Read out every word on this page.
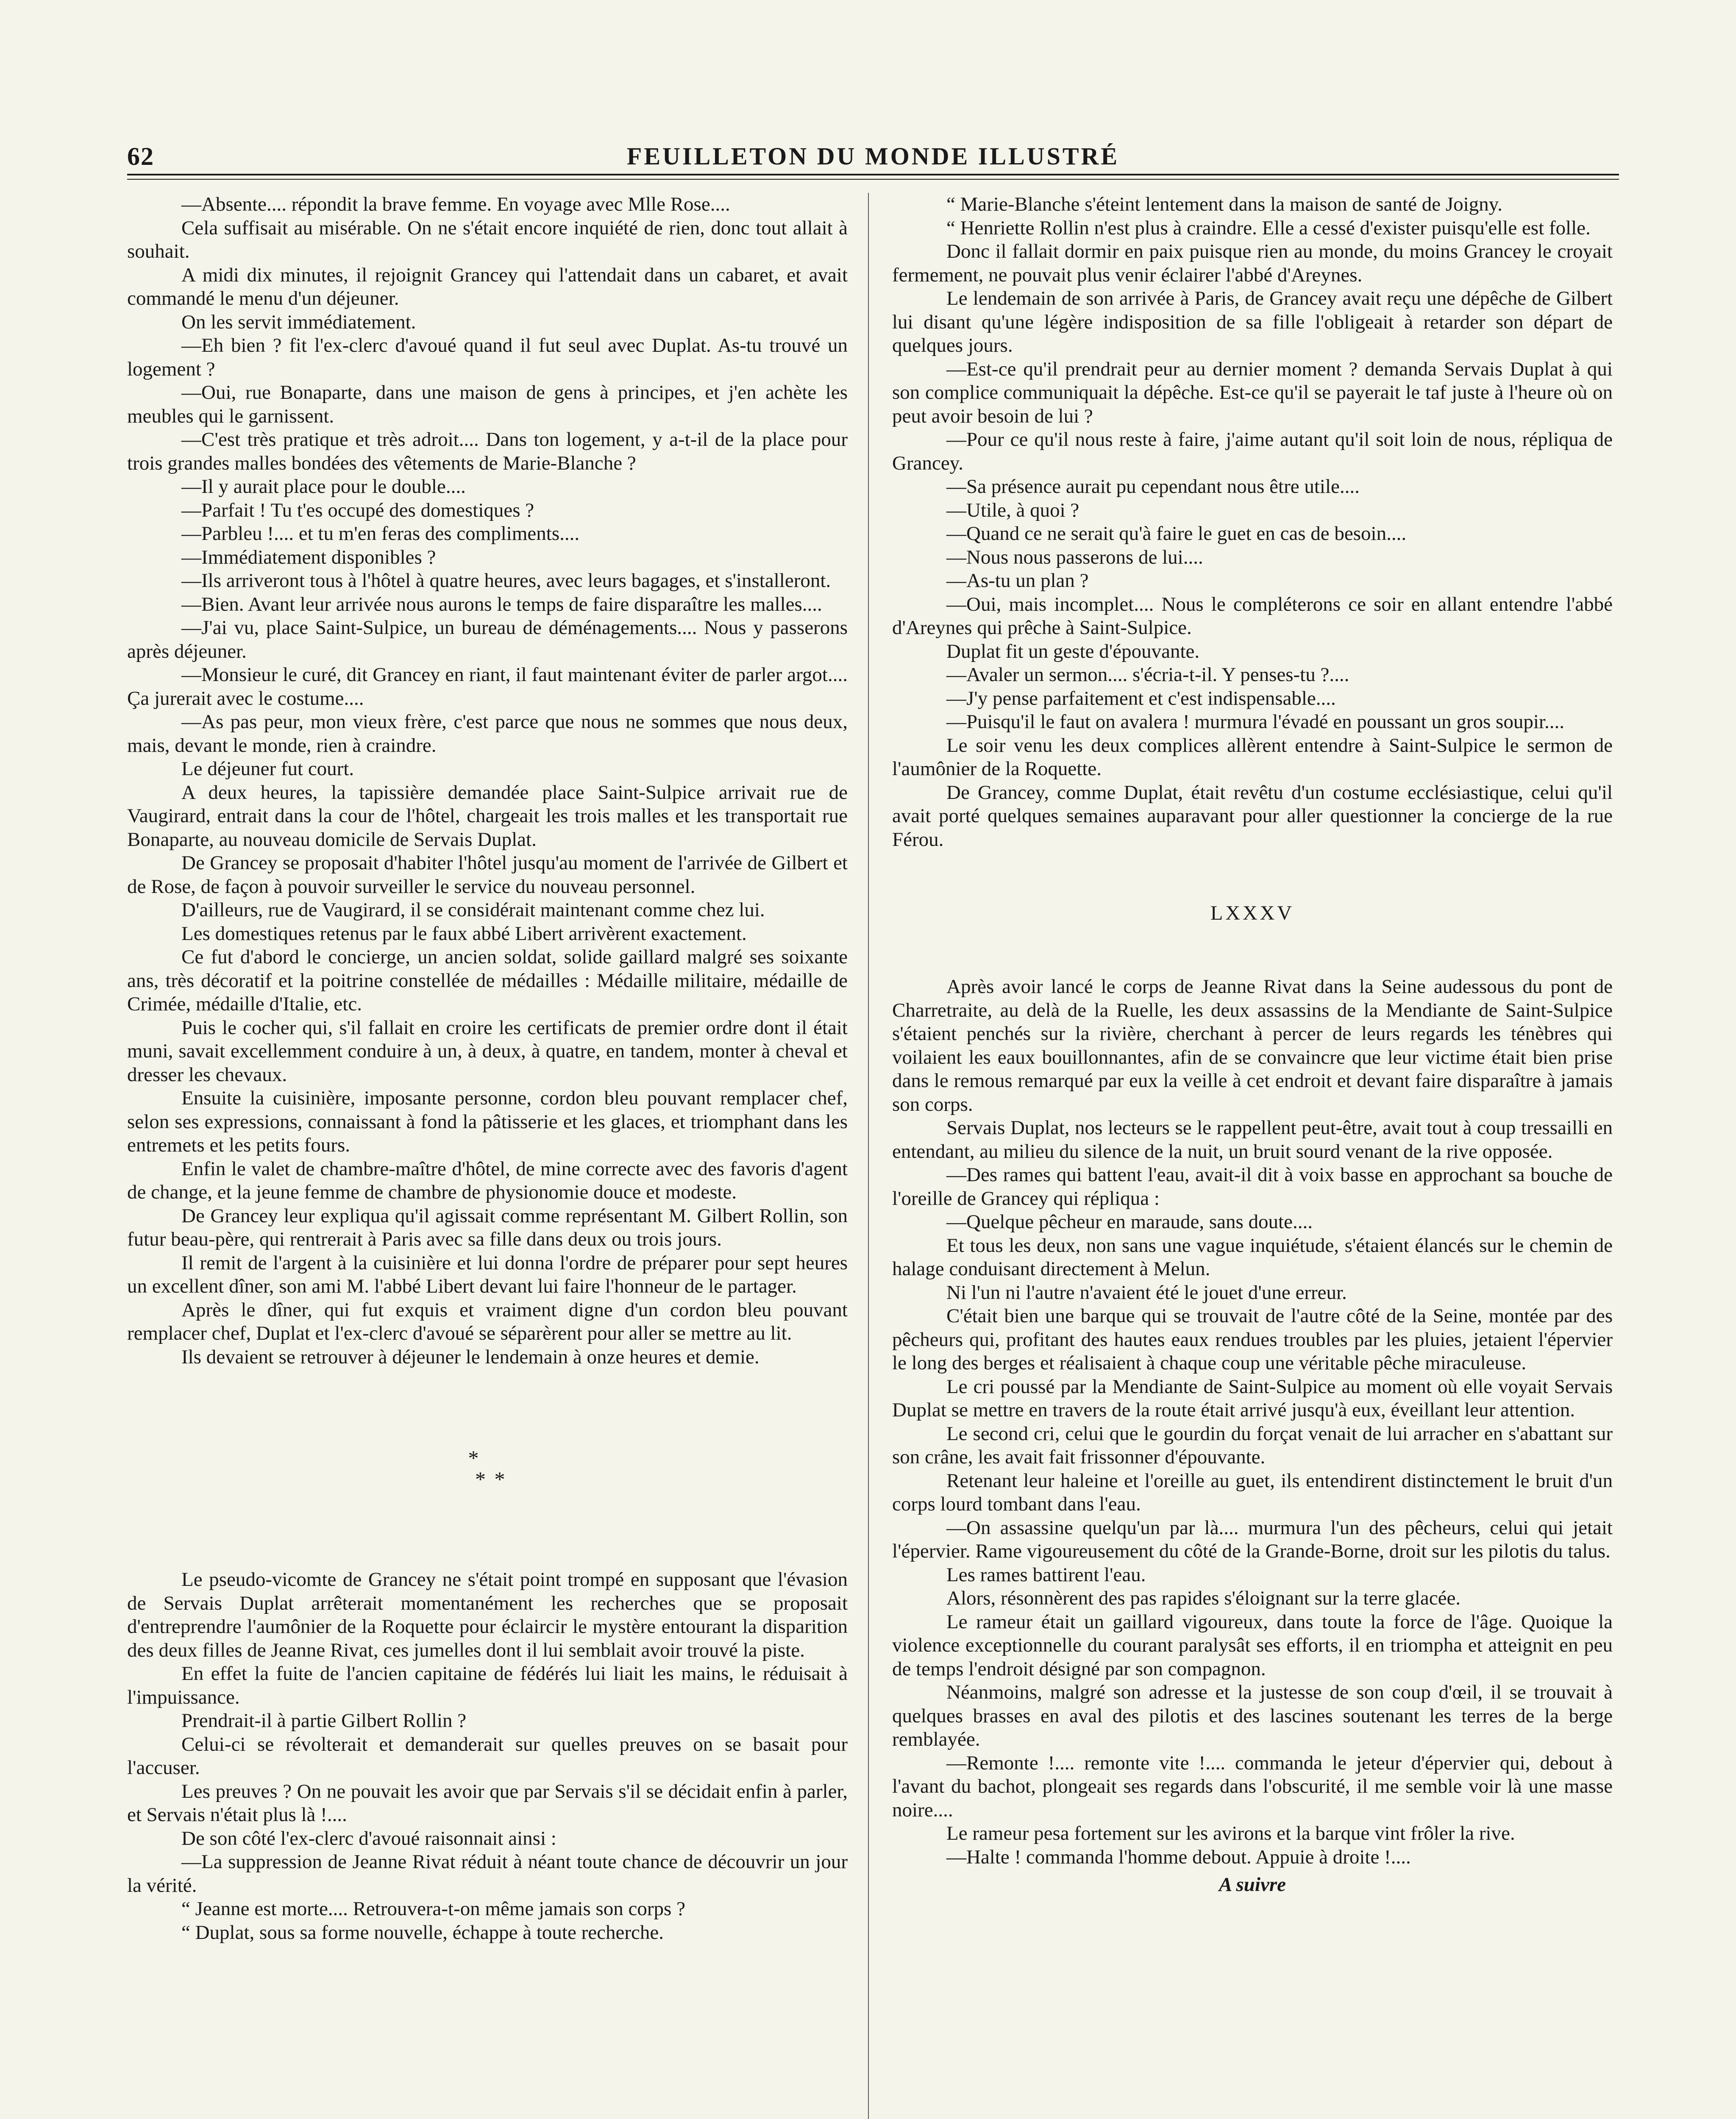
62	FEUILLETON DU MONDE ILLUSTRÉ

—Absente.... répondit la brave femme. En voyage avec Mlle Rose....

Cela suffisait au misérable. On ne s'était encore inquiété de rien, donc tout allait à souhait.

A midi dix minutes, il rejoignit Grancey qui l'attendait dans un cabaret, et avait commandé le menu d'un déjeuner.

On les servit immédiatement.

—Eh bien ? fit l'ex-clerc d'avoué quand il fut seul avec Duplat. As-tu trouvé un logement ?

—Oui, rue Bonaparte, dans une maison de gens à principes, et j'en achète les meubles qui le garnissent.

—C'est très pratique et très adroit.... Dans ton logement, y a-t-il de la place pour trois grandes malles bondées des vêtements de Marie-Blanche ?

—Il y aurait place pour le double....

—Parfait ! Tu t'es occupé des domestiques ?

—Parbleu !.... et tu m'en feras des compliments....

—Immédiatement disponibles ?

—Ils arriveront tous à l'hôtel à quatre heures, avec leurs bagages, et s'installeront.

—Bien. Avant leur arrivée nous aurons le temps de faire disparaître les malles....

—J'ai vu, place Saint-Sulpice, un bureau de déménagements.... Nous y passerons après déjeuner.

—Monsieur le curé, dit Grancey en riant, il faut maintenant éviter de parler argot.... Ça jurerait avec le costume....

—As pas peur, mon vieux frère, c'est parce que nous ne sommes que nous deux, mais, devant le monde, rien à craindre.

Le déjeuner fut court.

A deux heures, la tapissière demandée place Saint-Sulpice arrivait rue de Vaugirard, entrait dans la cour de l'hôtel, chargeait les trois malles et les transportait rue Bonaparte, au nouveau domicile de Servais Duplat.

De Grancey se proposait d'habiter l'hôtel jusqu'au moment de l'arrivée de Gilbert et de Rose, de façon à pouvoir surveiller le service du nouveau personnel.

D'ailleurs, rue de Vaugirard, il se considérait maintenant comme chez lui.

Les domestiques retenus par le faux abbé Libert arrivèrent exactement.

Ce fut d'abord le concierge, un ancien soldat, solide gaillard malgré ses soixante ans, très décoratif et la poitrine constellée de médailles : Médaille militaire, médaille de Crimée, médaille d'Italie, etc.

Puis le cocher qui, s'il fallait en croire les certificats de premier ordre dont il était muni, savait excellemment conduire à un, à deux, à quatre, en tandem, monter à cheval et dresser les chevaux.

Ensuite la cuisinière, imposante personne, cordon bleu pouvant remplacer chef, selon ses expressions, connaissant à fond la pâtisserie et les glaces, et triomphant dans les entremets et les petits fours.

Enfin le valet de chambre-maître d'hôtel, de mine correcte avec des favoris d'agent de change, et la jeune femme de chambre de physionomie douce et modeste.

De Grancey leur expliqua qu'il agissait comme représentant M. Gilbert Rollin, son futur beau-père, qui rentrerait à Paris avec sa fille dans deux ou trois jours.

Il remit de l'argent à la cuisinière et lui donna l'ordre de préparer pour sept heures un excellent dîner, son ami M. l'abbé Libert devant lui faire l'honneur de le partager.

Après le dîner, qui fut exquis et vraiment digne d'un cordon bleu pouvant remplacer chef, Duplat et l'ex-clerc d'avoué se séparèrent pour aller se mettre au lit.

Ils devaient se retrouver à déjeuner le lendemain à onze heures et demie.

*
* *

Le pseudo-vicomte de Grancey ne s'était point trompé en supposant que l'évasion de Servais Duplat arrêterait momentanément les recherches que se proposait d'entreprendre l'aumônier de la Roquette pour éclaircir le mystère entourant la disparition des deux filles de Jeanne Rivat, ces jumelles dont il lui semblait avoir trouvé la piste.

En effet la fuite de l'ancien capitaine de fédérés lui liait les mains, le réduisait à l'impuissance.

Prendrait-il à partie Gilbert Rollin ?

Celui-ci se révolterait et demanderait sur quelles preuves on se basait pour l'accuser.

Les preuves ? On ne pouvait les avoir que par Servais s'il se décidait enfin à parler, et Servais n'était plus là !....

De son côté l'ex-clerc d'avoué raisonnait ainsi :

—La suppression de Jeanne Rivat réduit à néant toute chance de découvrir un jour la vérité.

“ Jeanne est morte.... Retrouvera-t-on même jamais son corps ?

“ Duplat, sous sa forme nouvelle, échappe à toute recherche.

“ Marie-Blanche s'éteint lentement dans la maison de santé de Joigny.

“ Henriette Rollin n'est plus à craindre. Elle a cessé d'exister puisqu'elle est folle.

Donc il fallait dormir en paix puisque rien au monde, du moins Grancey le croyait fermement, ne pouvait plus venir éclairer l'abbé d'Areynes.

Le lendemain de son arrivée à Paris, de Grancey avait reçu une dépêche de Gilbert lui disant qu'une légère indisposition de sa fille l'obligeait à retarder son départ de quelques jours.

—Est-ce qu'il prendrait peur au dernier moment ? demanda Servais Duplat à qui son complice communiquait la dépêche. Est-ce qu'il se payerait le taf juste à l'heure où on peut avoir besoin de lui ?

—Pour ce qu'il nous reste à faire, j'aime autant qu'il soit loin de nous, répliqua de Grancey.

—Sa présence aurait pu cependant nous être utile....

—Utile, à quoi ?

—Quand ce ne serait qu'à faire le guet en cas de besoin....

—Nous nous passerons de lui....

—As-tu un plan ?

—Oui, mais incomplet.... Nous le compléterons ce soir en allant entendre l'abbé d'Areynes qui prêche à Saint-Sulpice.

Duplat fit un geste d'épouvante.

—Avaler un sermon.... s'écria-t-il. Y penses-tu ?....

—J'y pense parfaitement et c'est indispensable....

—Puisqu'il le faut on avalera ! murmura l'évadé en poussant un gros soupir....

Le soir venu les deux complices allèrent entendre à Saint-Sulpice le sermon de l'aumônier de la Roquette.

De Grancey, comme Duplat, était revêtu d'un costume ecclésiastique, celui qu'il avait porté quelques semaines auparavant pour aller questionner la concierge de la rue Férou.

LXXXV

Après avoir lancé le corps de Jeanne Rivat dans la Seine audessous du pont de Charretraite, au delà de la Ruelle, les deux assassins de la Mendiante de Saint-Sulpice s'étaient penchés sur la rivière, cherchant à percer de leurs regards les ténèbres qui voilaient les eaux bouillonnantes, afin de se convaincre que leur victime était bien prise dans le remous remarqué par eux la veille à cet endroit et devant faire disparaître à jamais son corps.

Servais Duplat, nos lecteurs se le rappellent peut-être, avait tout à coup tressailli en entendant, au milieu du silence de la nuit, un bruit sourd venant de la rive opposée.

—Des rames qui battent l'eau, avait-il dit à voix basse en approchant sa bouche de l'oreille de Grancey qui répliqua :

—Quelque pêcheur en maraude, sans doute....

Et tous les deux, non sans une vague inquiétude, s'étaient élancés sur le chemin de halage conduisant directement à Melun.

Ni l'un ni l'autre n'avaient été le jouet d'une erreur.

C'était bien une barque qui se trouvait de l'autre côté de la Seine, montée par des pêcheurs qui, profitant des hautes eaux rendues troubles par les pluies, jetaient l'épervier le long des berges et réalisaient à chaque coup une véritable pêche miraculeuse.

Le cri poussé par la Mendiante de Saint-Sulpice au moment où elle voyait Servais Duplat se mettre en travers de la route était arrivé jusqu'à eux, éveillant leur attention.

Le second cri, celui que le gourdin du forçat venait de lui arracher en s'abattant sur son crâne, les avait fait frissonner d'épouvante.

Retenant leur haleine et l'oreille au guet, ils entendirent distinctement le bruit d'un corps lourd tombant dans l'eau.

—On assassine quelqu'un par là.... murmura l'un des pêcheurs, celui qui jetait l'épervier. Rame vigoureusement du côté de la Grande-Borne, droit sur les pilotis du talus.

Les rames battirent l'eau.

Alors, résonnèrent des pas rapides s'éloignant sur la terre glacée.

Le rameur était un gaillard vigoureux, dans toute la force de l'âge. Quoique la violence exceptionnelle du courant paralysât ses efforts, il en triompha et atteignit en peu de temps l'endroit désigné par son compagnon.

Néanmoins, malgré son adresse et la justesse de son coup d'œil, il se trouvait à quelques brasses en aval des pilotis et des lascines soutenant les terres de la berge remblayée.

—Remonte !.... remonte vite !.... commanda le jeteur d'épervier qui, debout à l'avant du bachot, plongeait ses regards dans l'obscurité, il me semble voir là une masse noire....

Le rameur pesa fortement sur les avirons et la barque vint frôler la rive.

—Halte ! commanda l'homme debout. Appuie à droite !....

A suivre
